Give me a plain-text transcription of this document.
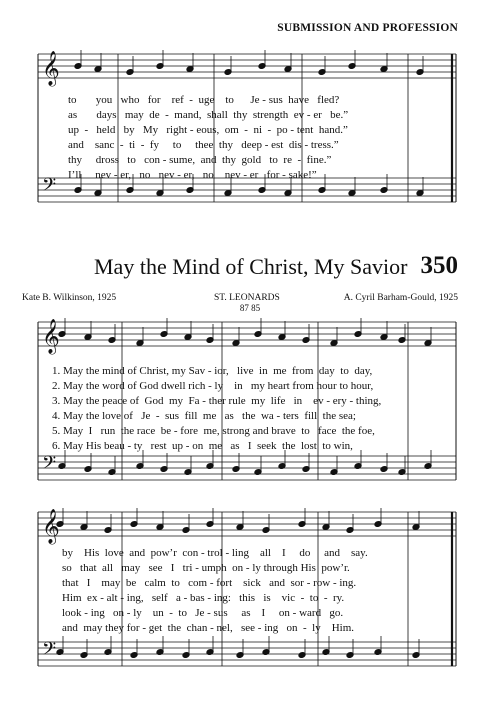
SUBMISSION AND PROFESSION
𝄞
𝄢
𝄞
𝄢
𝄞
𝄢
to       you   who   for    ref  -  uge    to      Je - sus  have   fled?
as       days   may  de  -  mand,  shall  thy  strength  ev - er   be.”
up  -   held   by   My   right - eous,  om  -  ni  -  po - tent  hand.”
and    sanc  -  ti  -  fy     to     thee  thy   deep - est  dis - tress.”
thy     dross   to   con - sume,  and  thy  gold   to  re  -  fine.”
I’ll     nev - er,   no   nev - er,   no    nev - er   for - sake!”
May the Mind of Christ, My Savior 350
Kate B. Wilkinson, 1925	ST. LEONARDS
87 85
A. Cyril Barham-Gould, 1925
1. May the mind of Christ, my Sav - ior,   live  in  me  from  day  to  day,
2. May the word of God dwell rich - ly    in   my heart from hour to hour,
3. May the peace of  God  my  Fa - ther rule  my  life   in    ev - ery - thing,
4. May the love of   Je  -  sus  fill  me   as   the  wa - ters  fill  the sea;
5. May  I   run  the race  be - fore  me, strong and brave  to   face  the foe,
6. May His beau - ty   rest  up - on  me   as   I  seek  the  lost  to win,
by    His  love  and  pow’r  con - trol - ling    all    I     do     and    say.
so   that  all   may   see   I   tri - umph  on - ly through His  pow’r.
that   I    may  be   calm  to   com - fort    sick   and  sor - row - ing.
Him  ex - alt - ing,   self   a - bas - ing:   this   is    vic  -  to  -  ry.
look - ing   on - ly    un  -  to   Je - sus     as    I     on - ward   go.
and  may they for - get  the  chan - nel,   see - ing   on  -  ly    Him.
